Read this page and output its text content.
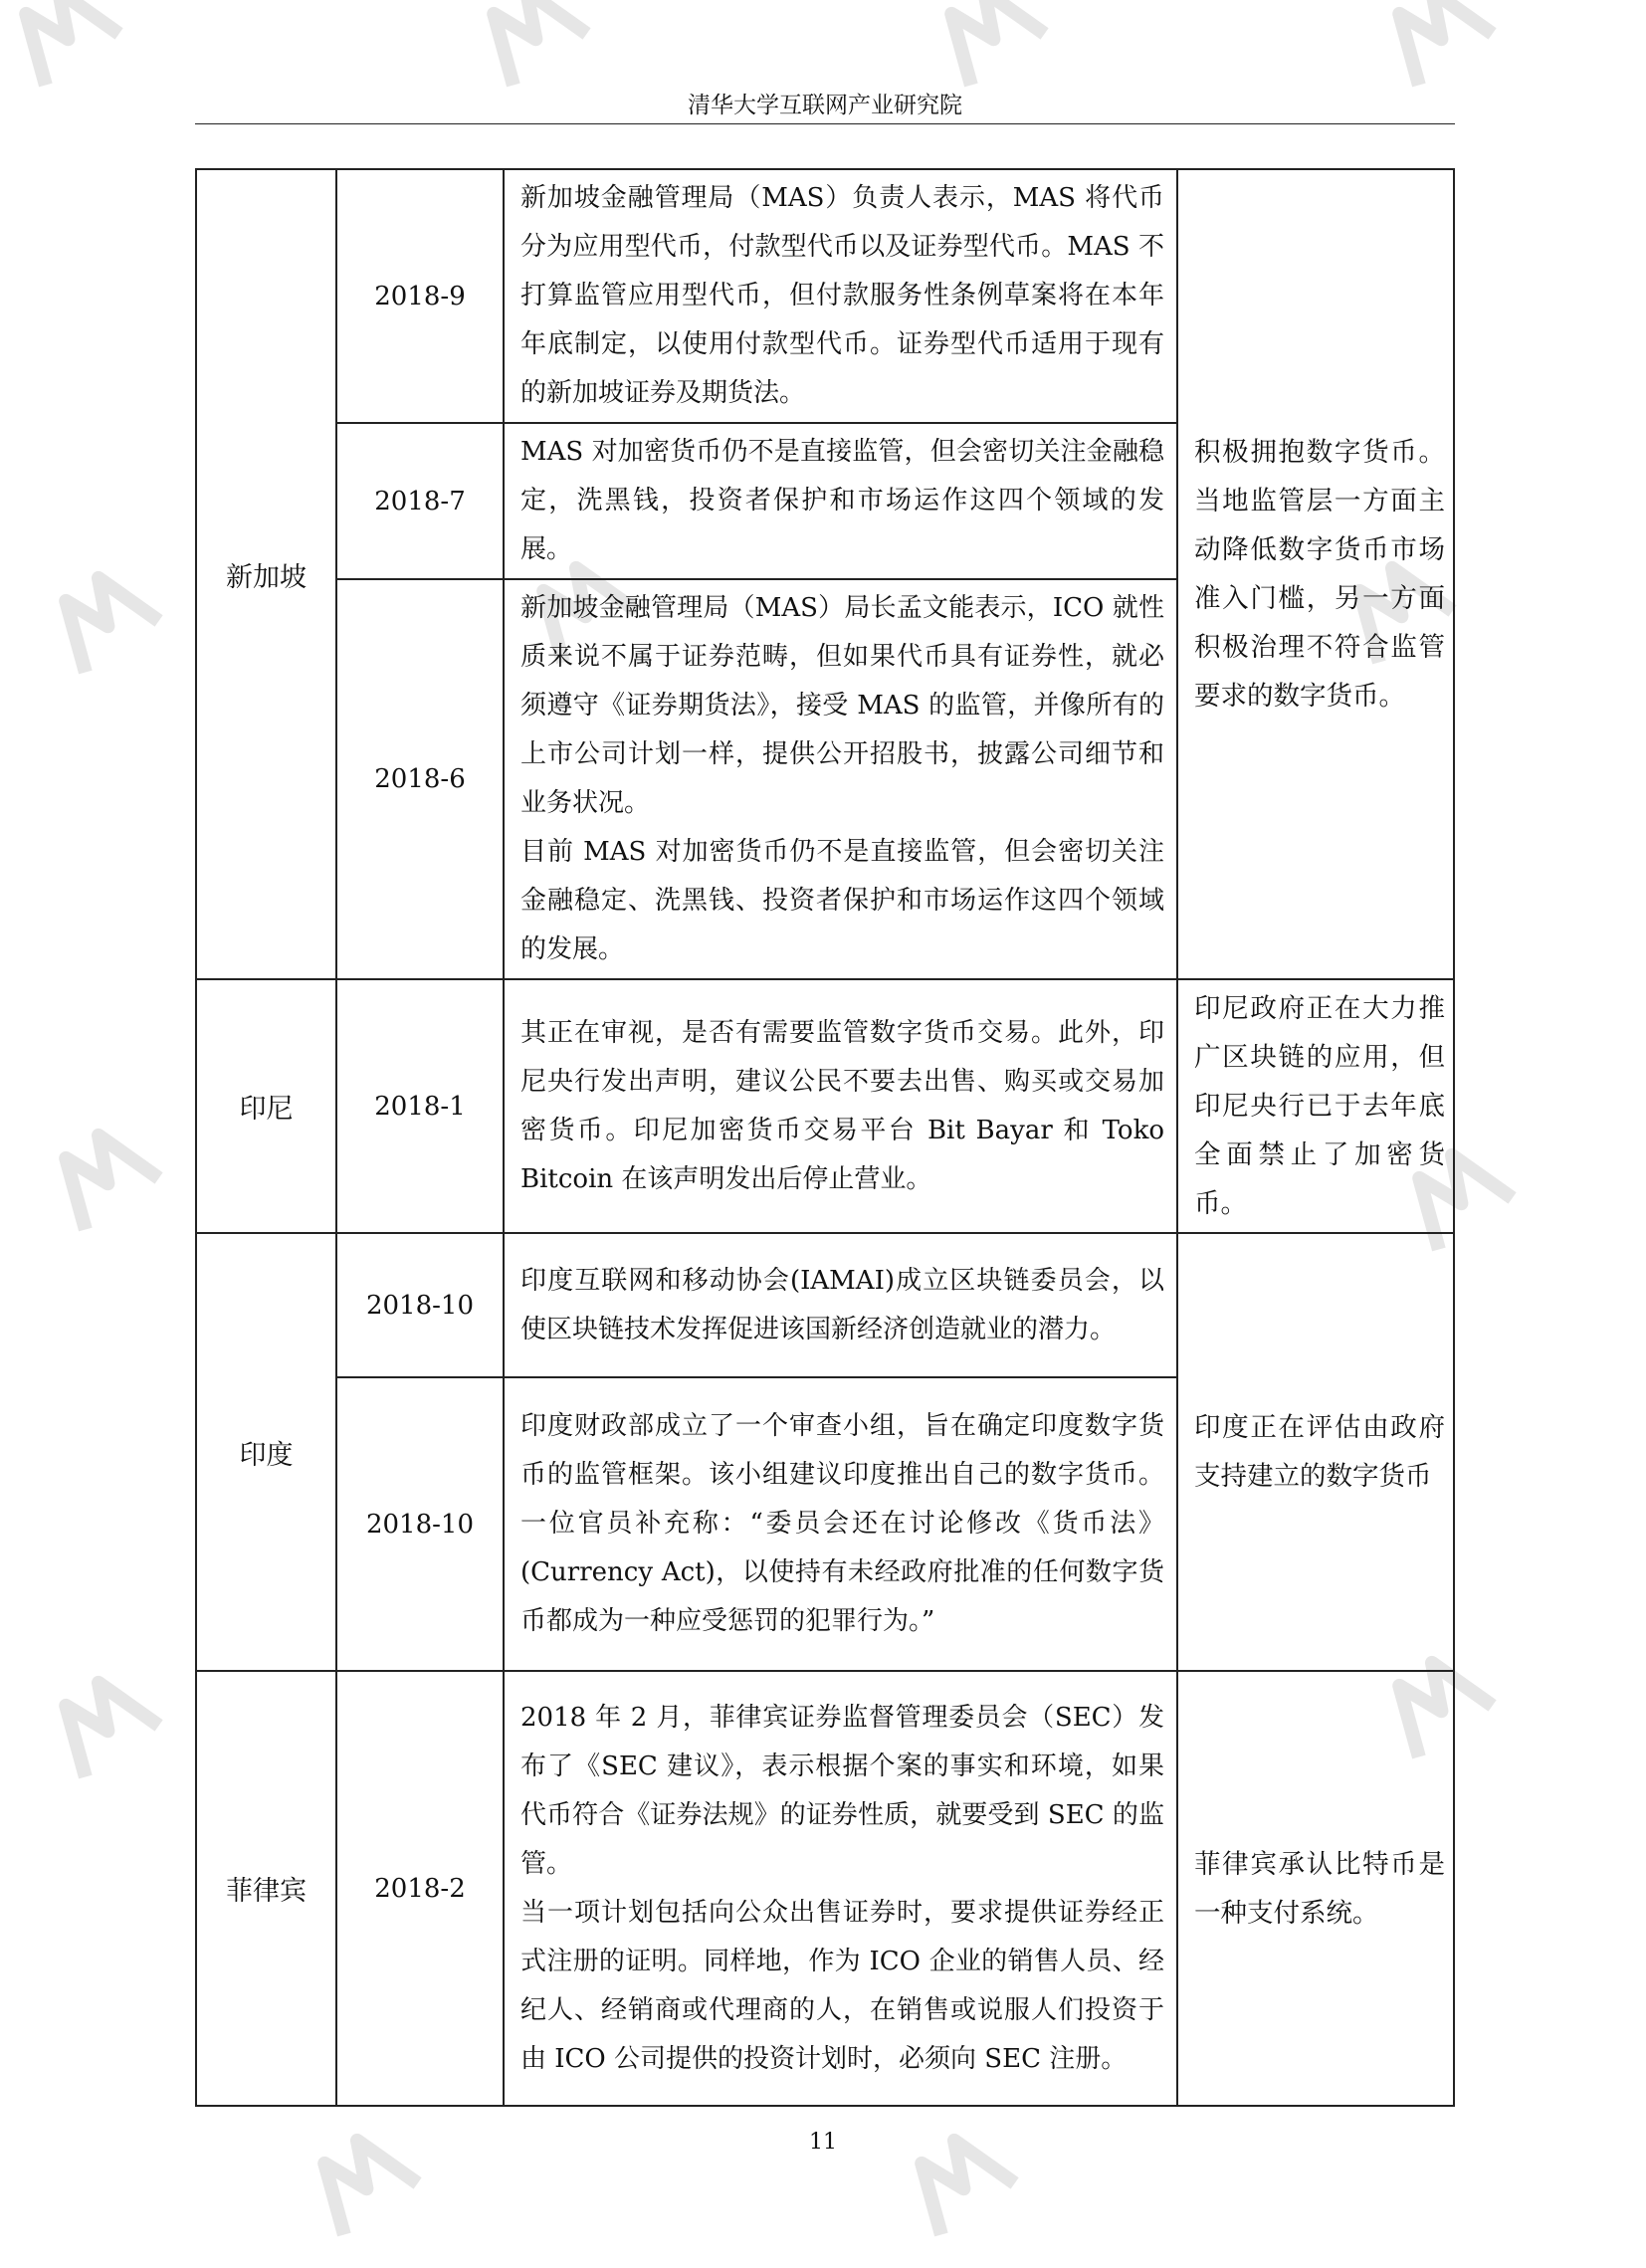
清华大学互联网产业研究院
新加坡	2018-9	新加坡金融管理局（MAS）负责人表示，MAS 将代币分为应用型代币，付款型代币以及证券型代币。MAS 不打算监管应用型代币，但付款服务性条例草案将在本年年底制定，以使用付款型代币。证券型代币适用于现有的新加坡证券及期货法。	积极拥抱数字货币。当地监管层一方面主动降低数字货币市场准入门槛，另一方面积极治理不符合监管要求的数字货币。
	2018-7	MAS 对加密货币仍不是直接监管，但会密切关注金融稳定，洗黑钱，投资者保护和市场运作这四个领域的发展。	

	2018-6	新加坡金融管理局（MAS）局长孟文能表示，ICO 就性质来说不属于证券范畴，但如果代币具有证券性，就必须遵守《证券期货法》，接受 MAS 的监管，并像所有的上市公司计划一样，提供公开招股书，披露公司细节和业务状况。
目前 MAS 对加密货币仍不是直接监管，但会密切关注金融稳定、洗黑钱、投资者保护和市场运作这四个领域的发展。	

印尼	2018-1	其正在审视，是否有需要监管数字货币交易。此外，印尼央行发出声明，建议公民不要去出售、购买或交易加密货币。印尼加密货币交易平台 Bit Bayar 和 Toko Bitcoin 在该声明发出后停止营业。	印尼政府正在大力推广区块链的应用，但印尼央行已于去年底全面禁止了加密货币。
印度	2018-10	印度互联网和移动协会(IAMAI)成立区块链委员会，以使区块链技术发挥促进该国新经济创造就业的潜力。	印度正在评估由政府支持建立的数字货币
	2018-10	印度财政部成立了一个审查小组，旨在确定印度数字货币的监管框架。该小组建议印度推出自己的数字货币。一位官员补充称：“委员会还在讨论修改《货币法》(Currency Act)，以使持有未经政府批准的任何数字货币都成为一种应受惩罚的犯罪行为。”	

菲律宾	2018-2	2018 年 2 月，菲律宾证券监督管理委员会（SEC）发布了《SEC 建议》，表示根据个案的事实和环境，如果代币符合《证券法规》的证券性质，就要受到 SEC 的监管。
当一项计划包括向公众出售证券时，要求提供证券经正式注册的证明。同样地，作为 ICO 企业的销售人员、经纪人、经销商或代理商的人，在销售或说服人们投资于由 ICO 公司提供的投资计划时，必须向 SEC 注册。	菲律宾承认比特币是一种支付系统。
11
